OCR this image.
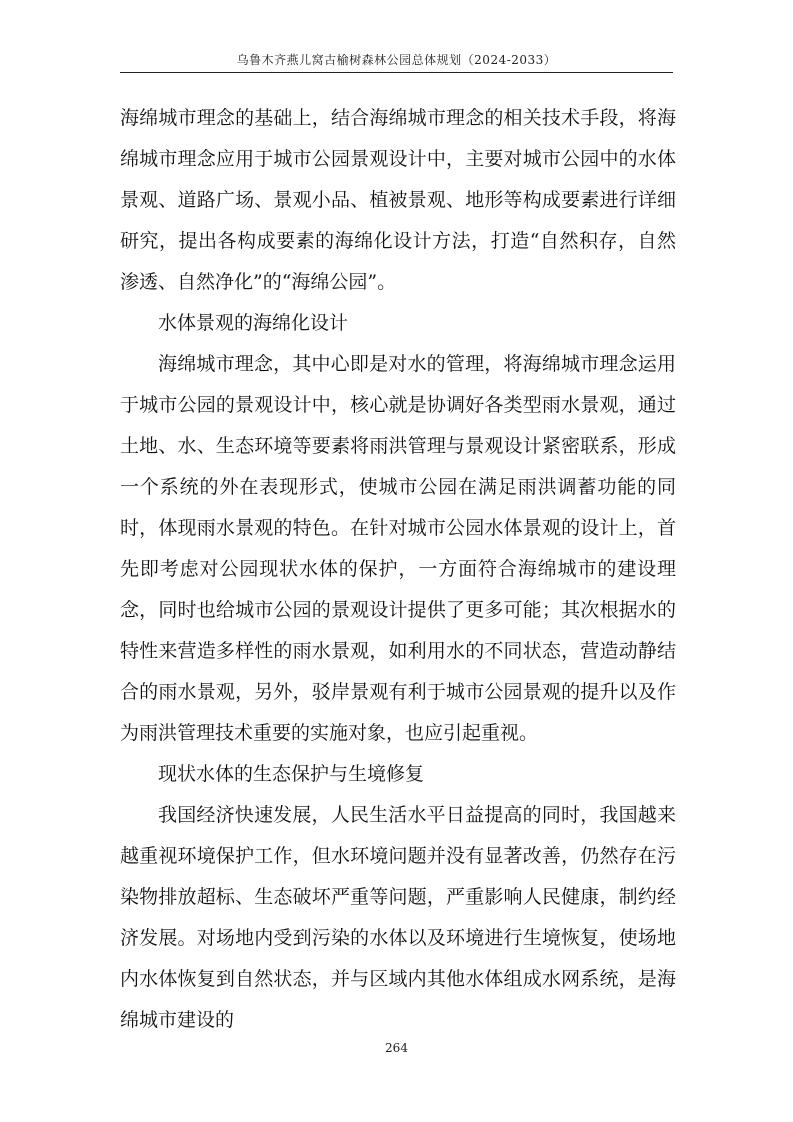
乌鲁木齐燕儿窝古榆树森林公园总体规划（2024-2033）

海绵城市理念的基础上，结合海绵城市理念的相关技术手段，将海绵城市理念应用于城市公园景观设计中，主要对城市公园中的水体景观、道路广场、景观小品、植被景观、地形等构成要素进行详细研究，提出各构成要素的海绵化设计方法，打造“自然积存，自然渗透、自然净化”的“海绵公园”。

水体景观的海绵化设计

海绵城市理念，其中心即是对水的管理，将海绵城市理念运用于城市公园的景观设计中，核心就是协调好各类型雨水景观，通过土地、水、生态环境等要素将雨洪管理与景观设计紧密联系，形成一个系统的外在表现形式，使城市公园在满足雨洪调蓄功能的同时，体现雨水景观的特色。在针对城市公园水体景观的设计上，首先即考虑对公园现状水体的保护，一方面符合海绵城市的建设理念，同时也给城市公园的景观设计提供了更多可能；其次根据水的特性来营造多样性的雨水景观，如利用水的不同状态，营造动静结合的雨水景观，另外，驳岸景观有利于城市公园景观的提升以及作为雨洪管理技术重要的实施对象，也应引起重视。

现状水体的生态保护与生境修复

我国经济快速发展，人民生活水平日益提高的同时，我国越来越重视环境保护工作，但水环境问题并没有显著改善，仍然存在污染物排放超标、生态破坏严重等问题，严重影响人民健康，制约经济发展。对场地内受到污染的水体以及环境进行生境恢复，使场地内水体恢复到自然状态，并与区域内其他水体组成水网系统，是海绵城市建设的

264
